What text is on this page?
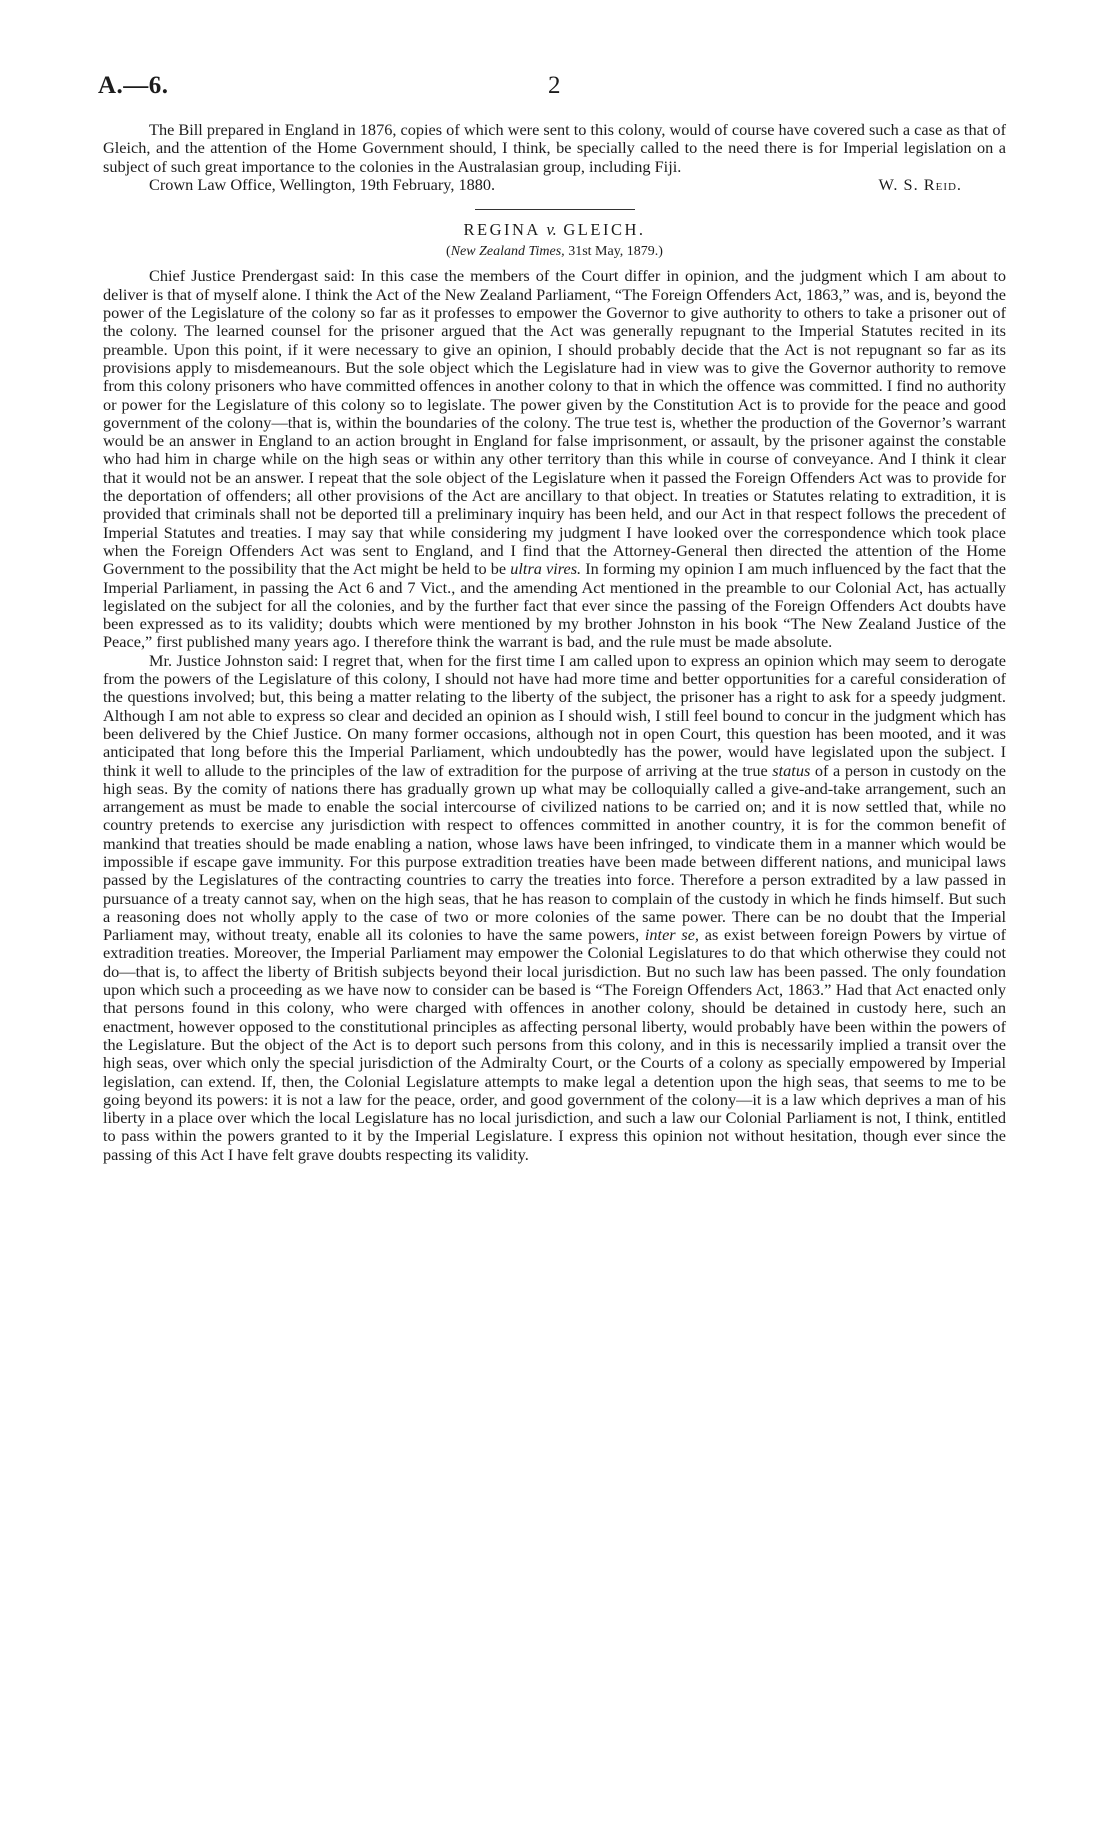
A.—6.	2

The Bill prepared in England in 1876, copies of which were sent to this colony, would of course have covered such a case as that of Gleich, and the attention of the Home Government should, I think, be specially called to the need there is for Imperial legislation on a subject of such great importance to the colonies in the Australasian group, including Fiji.

Crown Law Office, Wellington, 19th February, 1880.	W. S. Reid.
REGINA v. GLEICH.
(New Zealand Times, 31st May, 1879.)

Chief Justice Prendergast said: In this case the members of the Court differ in opinion, and the judgment which I am about to deliver is that of myself alone. I think the Act of the New Zealand Parliament, “The Foreign Offenders Act, 1863,” was, and is, beyond the power of the Legislature of the colony so far as it professes to empower the Governor to give authority to others to take a prisoner out of the colony. The learned counsel for the prisoner argued that the Act was generally repugnant to the Imperial Statutes recited in its preamble. Upon this point, if it were necessary to give an opinion, I should probably decide that the Act is not repugnant so far as its provisions apply to misdemeanours. But the sole object which the Legislature had in view was to give the Governor authority to remove from this colony prisoners who have committed offences in another colony to that in which the offence was committed. I find no authority or power for the Legislature of this colony so to legislate. The power given by the Constitution Act is to provide for the peace and good government of the colony—that is, within the boundaries of the colony. The true test is, whether the production of the Governor’s warrant would be an answer in England to an action brought in England for false imprisonment, or assault, by the prisoner against the constable who had him in charge while on the high seas or within any other territory than this while in course of conveyance. And I think it clear that it would not be an answer. I repeat that the sole object of the Legislature when it passed the Foreign Offenders Act was to provide for the deportation of offenders; all other provisions of the Act are ancillary to that object. In treaties or Statutes relating to extradition, it is provided that criminals shall not be deported till a preliminary inquiry has been held, and our Act in that respect follows the precedent of Imperial Statutes and treaties. I may say that while considering my judgment I have looked over the correspondence which took place when the Foreign Offenders Act was sent to England, and I find that the Attorney-General then directed the attention of the Home Government to the possibility that the Act might be held to be ultra vires. In forming my opinion I am much influenced by the fact that the Imperial Parliament, in passing the Act 6 and 7 Vict., and the amending Act mentioned in the preamble to our Colonial Act, has actually legislated on the subject for all the colonies, and by the further fact that ever since the passing of the Foreign Offenders Act doubts have been expressed as to its validity; doubts which were mentioned by my brother Johnston in his book “The New Zealand Justice of the Peace,” first published many years ago. I therefore think the warrant is bad, and the rule must be made absolute.

Mr. Justice Johnston said: I regret that, when for the first time I am called upon to express an opinion which may seem to derogate from the powers of the Legislature of this colony, I should not have had more time and better opportunities for a careful consideration of the questions involved; but, this being a matter relating to the liberty of the subject, the prisoner has a right to ask for a speedy judgment. Although I am not able to express so clear and decided an opinion as I should wish, I still feel bound to concur in the judgment which has been delivered by the Chief Justice. On many former occasions, although not in open Court, this question has been mooted, and it was anticipated that long before this the Imperial Parliament, which undoubtedly has the power, would have legislated upon the subject. I think it well to allude to the principles of the law of extradition for the purpose of arriving at the true status of a person in custody on the high seas. By the comity of nations there has gradually grown up what may be colloquially called a give-and-take arrangement, such an arrangement as must be made to enable the social intercourse of civilized nations to be carried on; and it is now settled that, while no country pretends to exercise any jurisdiction with respect to offences committed in another country, it is for the common benefit of mankind that treaties should be made enabling a nation, whose laws have been infringed, to vindicate them in a manner which would be impossible if escape gave immunity. For this purpose extradition treaties have been made between different nations, and municipal laws passed by the Legislatures of the contracting countries to carry the treaties into force. Therefore a person extradited by a law passed in pursuance of a treaty cannot say, when on the high seas, that he has reason to complain of the custody in which he finds himself. But such a reasoning does not wholly apply to the case of two or more colonies of the same power. There can be no doubt that the Imperial Parliament may, without treaty, enable all its colonies to have the same powers, inter se, as exist between foreign Powers by virtue of extradition treaties. Moreover, the Imperial Parliament may empower the Colonial Legislatures to do that which otherwise they could not do—that is, to affect the liberty of British subjects beyond their local jurisdiction. But no such law has been passed. The only foundation upon which such a proceeding as we have now to consider can be based is “The Foreign Offenders Act, 1863.” Had that Act enacted only that persons found in this colony, who were charged with offences in another colony, should be detained in custody here, such an enactment, however opposed to the constitutional principles as affecting personal liberty, would probably have been within the powers of the Legislature. But the object of the Act is to deport such persons from this colony, and in this is necessarily implied a transit over the high seas, over which only the special jurisdiction of the Admiralty Court, or the Courts of a colony as specially empowered by Imperial legislation, can extend. If, then, the Colonial Legislature attempts to make legal a detention upon the high seas, that seems to me to be going beyond its powers: it is not a law for the peace, order, and good government of the colony—it is a law which deprives a man of his liberty in a place over which the local Legislature has no local jurisdiction, and such a law our Colonial Parliament is not, I think, entitled to pass within the powers granted to it by the Imperial Legislature. I express this opinion not without hesitation, though ever since the passing of this Act I have felt grave doubts respecting its validity.
